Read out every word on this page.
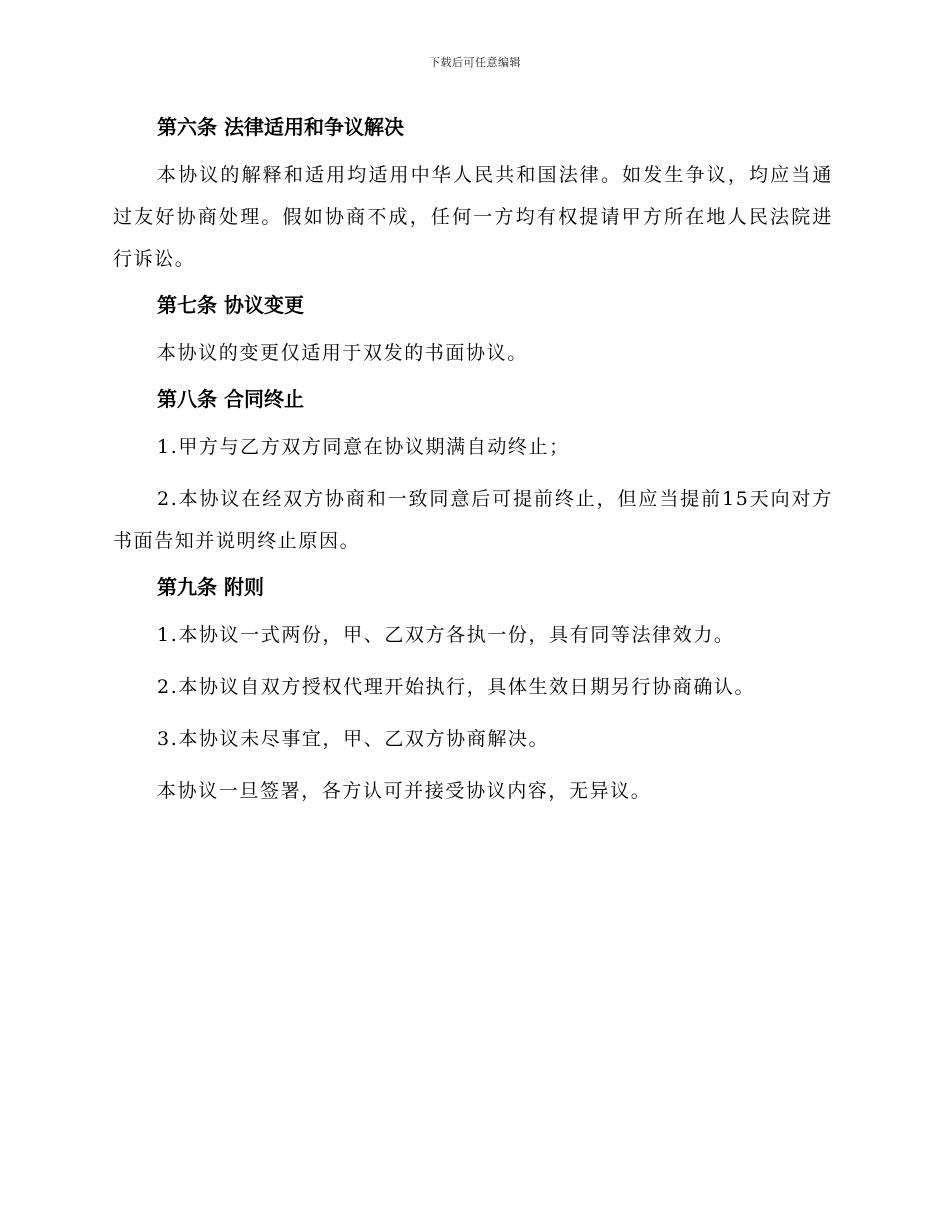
下载后可任意编辑
第六条 法律适用和争议解决

本协议的解释和适用均适用中华人民共和国法律。如发生争议，均应当通过友好协商处理。假如协商不成，任何一方均有权提请甲方所在地人民法院进行诉讼。

第七条 协议变更

本协议的变更仅适用于双发的书面协议。

第八条 合同终止

1.甲方与乙方双方同意在协议期满自动终止；

2.本协议在经双方协商和一致同意后可提前终止，但应当提前15天向对方书面告知并说明终止原因。

第九条 附则

1.本协议一式两份，甲、乙双方各执一份，具有同等法律效力。

2.本协议自双方授权代理开始执行，具体生效日期另行协商确认。

3.本协议未尽事宜，甲、乙双方协商解决。

本协议一旦签署，各方认可并接受协议内容，无异议。
